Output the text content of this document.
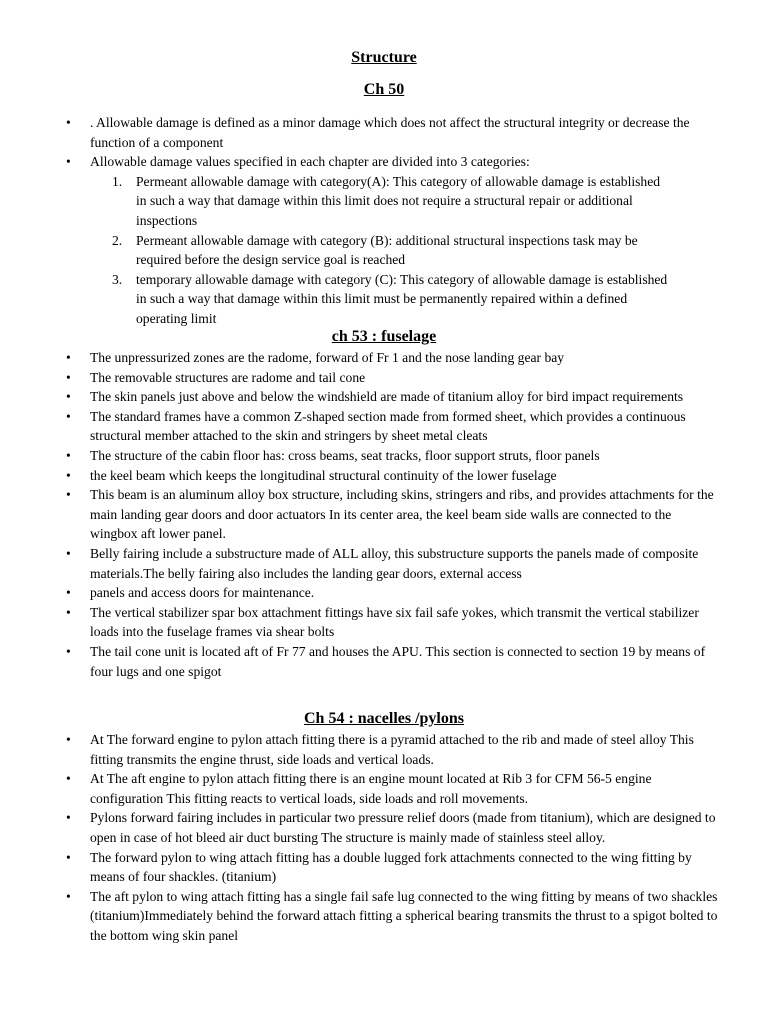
Structure
Ch 50
• . Allowable damage is defined as a minor damage which does not affect the structural integrity or decrease the function of a component
• Allowable damage values specified in each chapter are divided into 3 categories:
1. Permeant allowable damage with category(A): This category of allowable damage is established in such a way that damage within this limit does not require a structural repair or additional inspections
2. Permeant allowable damage with category (B): additional structural inspections task may be required before the design service goal is reached
3. temporary allowable damage with category (C): This category of allowable damage is established in such a way that damage within this limit must be permanently repaired within a defined operating limit
ch 53 : fuselage
• The unpressurized zones are the radome, forward of Fr 1 and the nose landing gear bay
• The removable structures are radome and tail cone
• The skin panels just above and below the windshield are made of titanium alloy for bird impact requirements
• The standard frames have a common Z-shaped section made from formed sheet, which provides a continuous structural member attached to the skin and stringers by sheet metal cleats
• The structure of the cabin floor has: cross beams, seat tracks, floor support struts, floor panels
• the keel beam which keeps the longitudinal structural continuity of the lower fuselage
• This beam is an aluminum alloy box structure, including skins, stringers and ribs, and provides attachments for the main landing gear doors and door actuators In its center area, the keel beam side walls are connected to the wingbox aft lower panel.
• Belly fairing include a substructure made of ALL alloy, this substructure supports the panels made of composite materials.The belly fairing also includes the landing gear doors, external access
• panels and access doors for maintenance.
• The vertical stabilizer spar box attachment fittings have six fail safe yokes, which transmit the vertical stabilizer loads into the fuselage frames via shear bolts
• The tail cone unit is located aft of Fr 77 and houses the APU. This section is connected to section 19 by means of four lugs and one spigot
Ch 54 : nacelles /pylons
• At The forward engine to pylon attach fitting there is a pyramid attached to the rib and made of steel alloy This fitting transmits the engine thrust, side loads and vertical loads.
• At The aft engine to pylon attach fitting there is an engine mount located at Rib 3 for CFM 56-5 engine configuration This fitting reacts to vertical loads, side loads and roll movements.
• Pylons forward fairing includes in particular two pressure relief doors (made from titanium), which are designed to open in case of hot bleed air duct bursting The structure is mainly made of stainless steel alloy.
• The forward pylon to wing attach fitting has a double lugged fork attachments connected to the wing fitting by means of four shackles. (titanium)
• The aft pylon to wing attach fitting has a single fail safe lug connected to the wing fitting by means of two shackles (titanium)Immediately behind the forward attach fitting a spherical bearing transmits the thrust to a spigot bolted to the bottom wing skin panel
